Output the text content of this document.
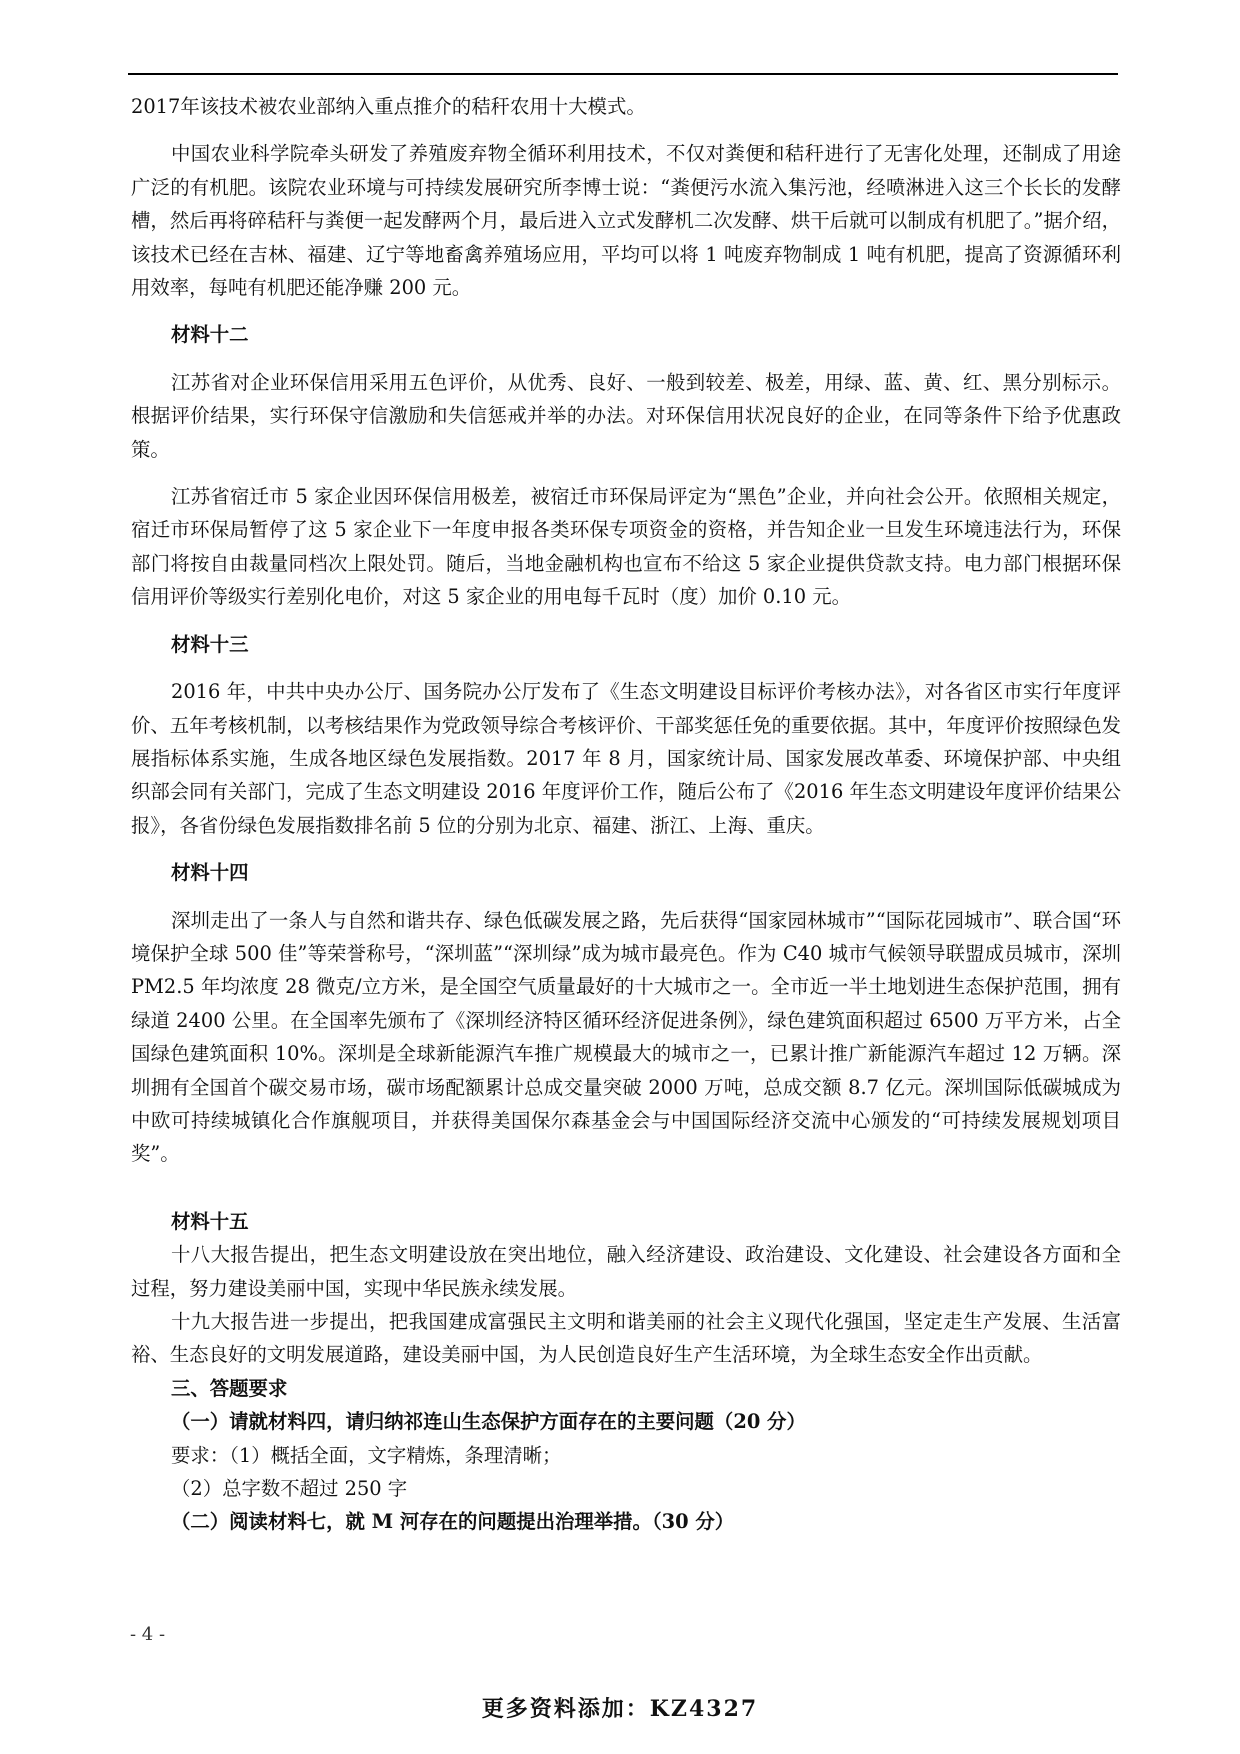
2017年该技术被农业部纳入重点推介的秸秆农用十大模式。

中国农业科学院牵头研发了养殖废弃物全循环利用技术，不仅对粪便和秸秆进行了无害化处理，还制成了用途广泛的有机肥。该院农业环境与可持续发展研究所李博士说：“粪便污水流入集污池，经喷淋进入这三个长长的发酵槽，然后再将碎秸秆与粪便一起发酵两个月，最后进入立式发酵机二次发酵、烘干后就可以制成有机肥了。”据介绍，该技术已经在吉林、福建、辽宁等地畜禽养殖场应用，平均可以将 1 吨废弃物制成 1 吨有机肥，提高了资源循环利用效率，每吨有机肥还能净赚 200 元。

材料十二

江苏省对企业环保信用采用五色评价，从优秀、良好、一般到较差、极差，用绿、蓝、黄、红、黑分别标示。根据评价结果，实行环保守信激励和失信惩戒并举的办法。对环保信用状况良好的企业，在同等条件下给予优惠政策。

江苏省宿迁市 5 家企业因环保信用极差，被宿迁市环保局评定为“黑色”企业，并向社会公开。依照相关规定，宿迁市环保局暂停了这 5 家企业下一年度申报各类环保专项资金的资格，并告知企业一旦发生环境违法行为，环保部门将按自由裁量同档次上限处罚。随后，当地金融机构也宣布不给这 5 家企业提供贷款支持。电力部门根据环保信用评价等级实行差别化电价，对这 5 家企业的用电每千瓦时（度）加价 0.10 元。

材料十三

2016 年，中共中央办公厅、国务院办公厅发布了《生态文明建设目标评价考核办法》，对各省区市实行年度评价、五年考核机制，以考核结果作为党政领导综合考核评价、干部奖惩任免的重要依据。其中，年度评价按照绿色发展指标体系实施，生成各地区绿色发展指数。2017 年 8 月，国家统计局、国家发展改革委、环境保护部、中央组织部会同有关部门，完成了生态文明建设 2016 年度评价工作，随后公布了《2016 年生态文明建设年度评价结果公报》，各省份绿色发展指数排名前 5 位的分别为北京、福建、浙江、上海、重庆。

材料十四

深圳走出了一条人与自然和谐共存、绿色低碳发展之路，先后获得“国家园林城市”“国际花园城市”、联合国“环境保护全球 500 佳”等荣誉称号，“深圳蓝”“深圳绿”成为城市最亮色。作为 C40 城市气候领导联盟成员城市，深圳 PM2.5 年均浓度 28 微克/立方米，是全国空气质量最好的十大城市之一。全市近一半土地划进生态保护范围，拥有绿道 2400 公里。在全国率先颁布了《深圳经济特区循环经济促进条例》，绿色建筑面积超过 6500 万平方米，占全国绿色建筑面积 10%。深圳是全球新能源汽车推广规模最大的城市之一，已累计推广新能源汽车超过 12 万辆。深圳拥有全国首个碳交易市场，碳市场配额累计总成交量突破 2000 万吨，总成交额 8.7 亿元。深圳国际低碳城成为中欧可持续城镇化合作旗舰项目，并获得美国保尔森基金会与中国国际经济交流中心颁发的“可持续发展规划项目奖”。

材料十五

十八大报告提出，把生态文明建设放在突出地位，融入经济建设、政治建设、文化建设、社会建设各方面和全过程，努力建设美丽中国，实现中华民族永续发展。

十九大报告进一步提出，把我国建成富强民主文明和谐美丽的社会主义现代化强国，坚定走生产发展、生活富裕、生态良好的文明发展道路，建设美丽中国，为人民创造良好生产生活环境，为全球生态安全作出贡献。

三、答题要求

（一）请就材料四，请归纳祁连山生态保护方面存在的主要问题（20 分）

要求：（1）概括全面，文字精炼，条理清晰；

（2）总字数不超过 250 字

（二）阅读材料七，就 M 河存在的问题提出治理举措。（30 分）

- 4 -
更多资料添加：KZ4327
